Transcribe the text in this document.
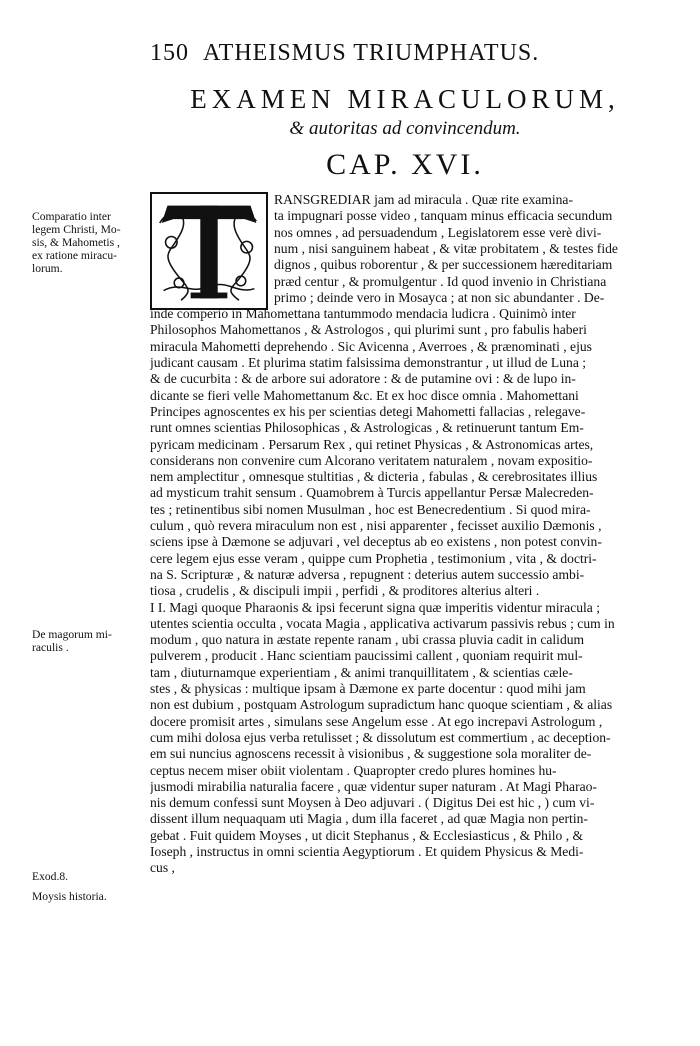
150 ATHEISMUS TRIUMPHATUS.
EXAMEN MIRACULORUM,
& autoritas ad convincendum.
CAP. XVI.
Comparatio inter
legem Christi, Mo-
sis, & Mahometis ,
ex ratione miracu-
lorum.
De magorum mi-
raculis .
Exod.8.
Moysis historia.
RANSGREDIAR jam ad miracula . Quæ rite examina-
ta impugnari posse video , tanquam minus efficacia secundum
nos omnes , ad persuadendum , Legislatorem esse verè divi-
num , nisi sanguinem habeat , & vitæ probitatem , & testes fide
dignos , quibus roborentur , & per successionem hæreditariam
præd centur , & promulgentur . Id quod invenio in Christiana
primo ; deinde vero in Mosayca ; at non sic abundanter . De-
inde comperio in Mahomettana tantummodo mendacia ludicra . Quinimò inter
Philosophos Mahomettanos , & Astrologos , qui plurimi sunt , pro fabulis haberi
miracula Mahometti deprehendo . Sic Avicenna , Averroes , & prænominati , ejus
judicant causam . Et plurima statim falsissima demonstrantur , ut illud de Luna ;
& de cucurbita : & de arbore sui adoratore : & de putamine ovi : & de lupo in-
dicante se fieri velle Mahomettanum &c. Et ex hoc disce omnia . Mahomettani
Principes agnoscentes ex his per scientias detegi Mahometti fallacias , relegave-
runt omnes scientias Philosophicas , & Astrologicas , & retinuerunt tantum Em-
pyricam medicinam . Persarum Rex , qui retinet Physicas , & Astronomicas artes,
considerans non convenire cum Alcorano veritatem naturalem , novam expositio-
nem amplectitur , omnesque stultitias , & dicteria , fabulas , & cerebrositates illius
ad mysticum trahit sensum . Quamobrem à Turcis appellantur Persæ Malecreden-
tes ; retinentibus sibi nomen Musulman , hoc est Benecredentium . Si quod mira-
culum , quò revera miraculum non est , nisi apparenter , fecisset auxilio Dæmonis ,
sciens ipse à Dæmone se adjuvari , vel deceptus ab eo existens , non potest convin-
cere legem ejus esse veram , quippe cum Prophetia , testimonium , vita , & doctri-
na S. Scripturæ , & naturæ adversa , repugnent : deterius autem successio ambi-
tiosa , crudelis , & discipuli impii , perfidi , & proditores alterius alteri .
I I. Magi quoque Pharaonis & ipsi fecerunt signa quæ imperitis videntur miracula ;
utentes scientia occulta , vocata Magia , applicativa activarum passivis rebus ; cum in
modum , quo natura in æstate repente ranam , ubi crassa pluvia cadit in calidum
pulverem , producit . Hanc scientiam paucissimi callent , quoniam requirit mul-
tam , diuturnamque experientiam , & animi tranquillitatem , & scientias cæle-
stes , & physicas : multique ipsam à Dæmone ex parte docentur : quod mihi jam
non est dubium , postquam Astrologum supradictum hanc quoque scientiam , & alias
docere promisit artes , simulans sese Angelum esse . At ego increpavi Astrologum ,
cum mihi dolosa ejus verba retulisset ; & dissolutum est commertium , ac deception-
em sui nuncius agnoscens recessit à visionibus , & suggestione sola moraliter de-
ceptus necem miser obiit violentam . Quapropter credo plures homines hu-
jusmodi mirabilia naturalia facere , quæ videntur super naturam . At Magi Pharao-
nis demum confessi sunt Moysen à Deo adjuvari . ( Digitus Dei est hic , ) cum vi-
dissent illum nequaquam uti Magia , dum illa faceret , ad quæ Magia non pertin-
gebat . Fuit quidem Moyses , ut dicit Stephanus , & Ecclesiasticus , & Philo , &
Ioseph , instructus in omni scientia Aegyptiorum . Et quidem Physicus & Medi-
cus ,
